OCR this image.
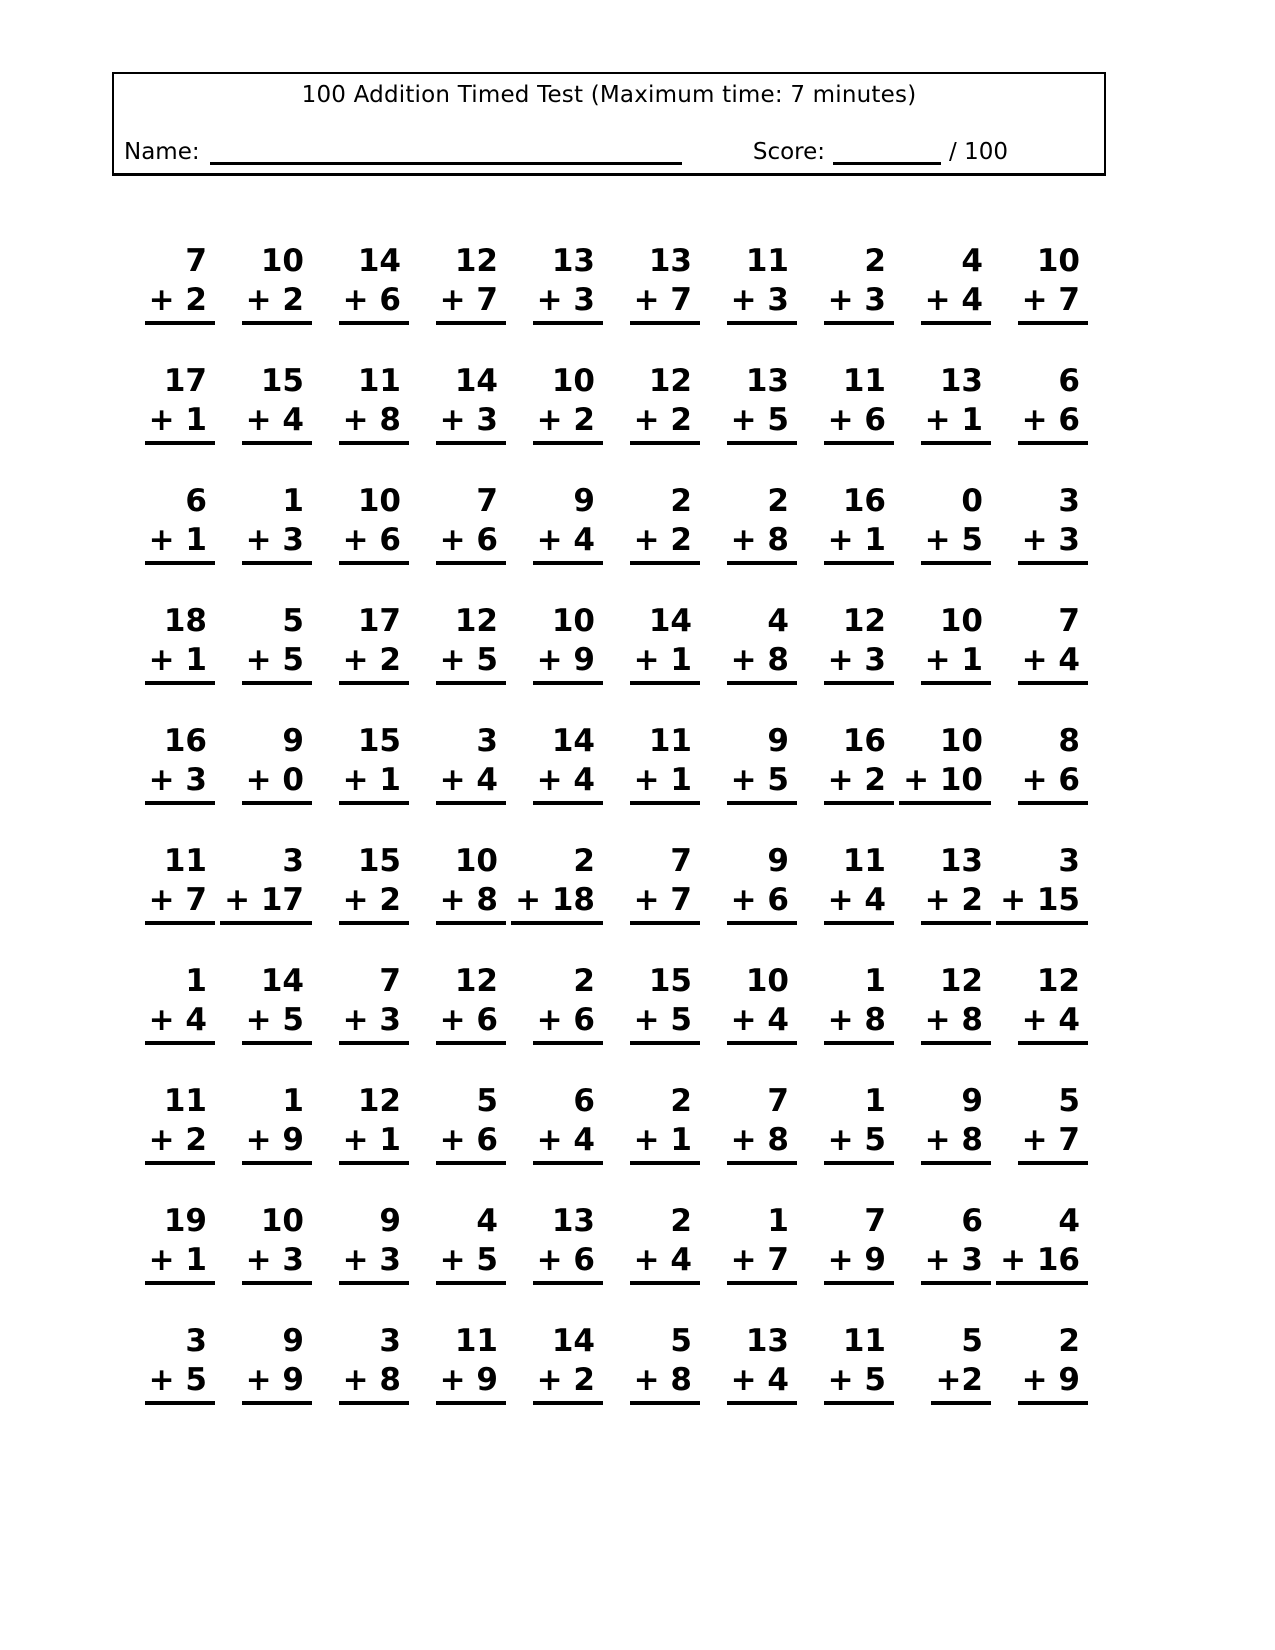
100 Addition Timed Test (Maximum time: 7 minutes)
Name:	Score:	/ 100
7
+ 2
10
+ 2
14
+ 6
12
+ 7
13
+ 3
13
+ 7
11
+ 3
2
+ 3
4
+ 4
10
+ 7
17
+ 1
15
+ 4
11
+ 8
14
+ 3
10
+ 2
12
+ 2
13
+ 5
11
+ 6
13
+ 1
6
+ 6
6
+ 1
1
+ 3
10
+ 6
7
+ 6
9
+ 4
2
+ 2
2
+ 8
16
+ 1
0
+ 5
3
+ 3
18
+ 1
5
+ 5
17
+ 2
12
+ 5
10
+ 9
14
+ 1
4
+ 8
12
+ 3
10
+ 1
7
+ 4
16
+ 3
9
+ 0
15
+ 1
3
+ 4
14
+ 4
11
+ 1
9
+ 5
16
+ 2
10
+ 10
8
+ 6
11
+ 7
3
+ 17
15
+ 2
10
+ 8
2
+ 18
7
+ 7
9
+ 6
11
+ 4
13
+ 2
3
+ 15
1
+ 4
14
+ 5
7
+ 3
12
+ 6
2
+ 6
15
+ 5
10
+ 4
1
+ 8
12
+ 8
12
+ 4
11
+ 2
1
+ 9
12
+ 1
5
+ 6
6
+ 4
2
+ 1
7
+ 8
1
+ 5
9
+ 8
5
+ 7
19
+ 1
10
+ 3
9
+ 3
4
+ 5
13
+ 6
2
+ 4
1
+ 7
7
+ 9
6
+ 3
4
+ 16
3
+ 5
9
+ 9
3
+ 8
11
+ 9
14
+ 2
5
+ 8
13
+ 4
11
+ 5
5
+2
2
+ 9
